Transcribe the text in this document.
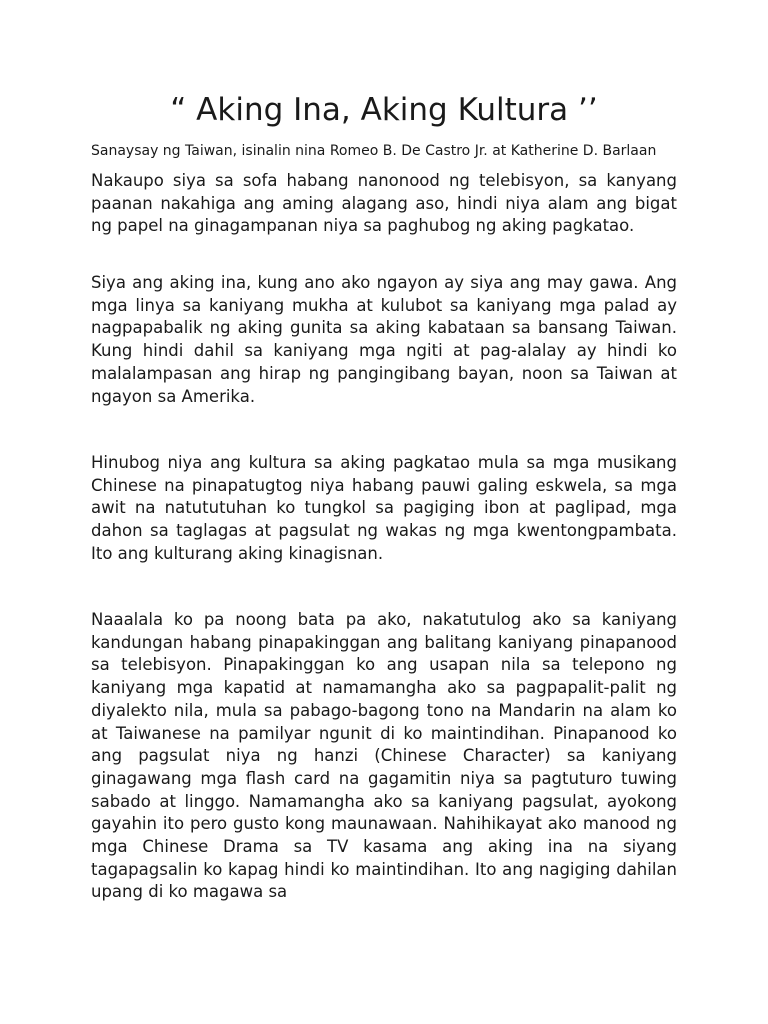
“ Aking Ina, Aking Kultura ’’

Sanaysay ng Taiwan, isinalin nina Romeo B. De Castro Jr. at Katherine D. Barlaan

Nakaupo siya sa sofa habang nanonood ng telebisyon, sa kanyang paanan nakahiga ang aming alagang aso, hindi niya alam ang bigat ng papel na ginagampanan niya sa paghubog ng aking pagkatao.

Siya ang aking ina, kung ano ako ngayon ay siya ang may gawa. Ang mga linya sa kaniyang mukha at kulubot sa kaniyang mga palad ay nagpapabalik ng aking gunita sa aking kabataan sa bansang Taiwan. Kung hindi dahil sa kaniyang mga ngiti at pag-alalay ay hindi ko malalampasan ang hirap ng pangingibang bayan, noon sa Taiwan at ngayon sa Amerika.

Hinubog niya ang kultura sa aking pagkatao mula sa mga musikang Chinese na pinapatugtog niya habang pauwi galing eskwela, sa mga awit na natututuhan ko tungkol sa pagiging ibon at paglipad, mga dahon sa taglagas at pagsulat ng wakas ng mga kwentongpambata. Ito ang kulturang aking kinagisnan.

Naaalala ko pa noong bata pa ako, nakatutulog ako sa kaniyang kandungan habang pinapakinggan ang balitang kaniyang pinapanood sa telebisyon. Pinapakinggan ko ang usapan nila sa telepono ng kaniyang mga kapatid at namamangha ako sa pagpapalit-palit ng diyalekto nila, mula sa pabago-bagong tono na Mandarin na alam ko at Taiwanese na pamilyar ngunit di ko maintindihan. Pinapanood ko ang pagsulat niya ng hanzi (Chinese Character) sa kaniyang ginagawang mga flash card na gagamitin niya sa pagtuturo tuwing sabado at linggo. Namamangha ako sa kaniyang pagsulat, ayokong gayahin ito pero gusto kong maunawaan. Nahihikayat ako manood ng mga Chinese Drama sa TV kasama ang aking ina na siyang tagapagsalin ko kapag hindi ko maintindihan. Ito ang nagiging dahilan upang di ko magawa sa
